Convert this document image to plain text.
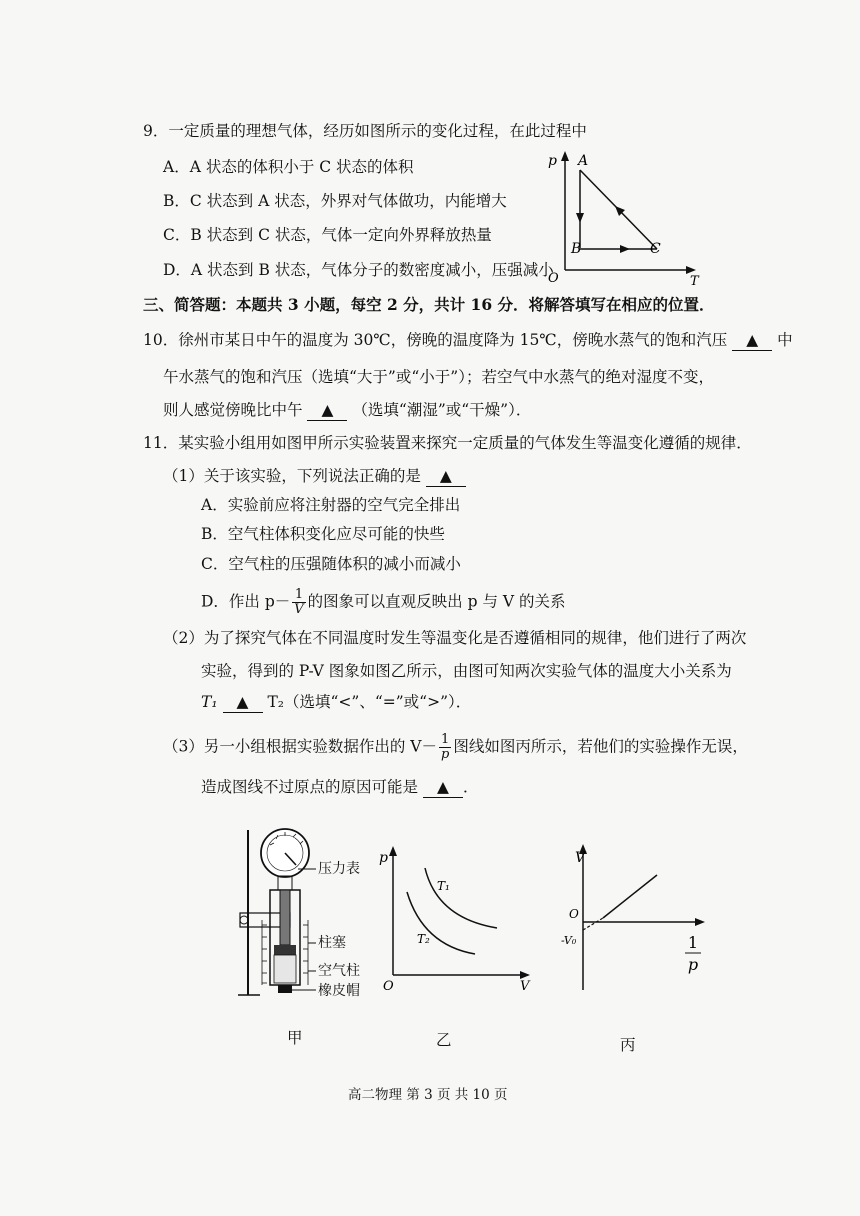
9．一定质量的理想气体，经历如图所示的变化过程，在此过程中
A．A 状态的体积小于 C 状态的体积
B．C 状态到 A 状态，外界对气体做功，内能增大
C．B 状态到 C 状态，气体一定向外界释放热量
D．A 状态到 B 状态，气体分子的数密度减小，压强减小
p
T
O
A
B	C
三、简答题：本题共 3 小题，每空 2 分，共计 16 分．将解答填写在相应的位置．
10．徐州市某日中午的温度为 30℃，傍晚的温度降为 15℃，傍晚水蒸气的饱和汽压 ▲ 中
午水蒸气的饱和汽压（选填“大于”或“小于”）；若空气中水蒸气的绝对湿度不变，
则人感觉傍晚比中午 ▲ （选填“潮湿”或“干燥”）．
11．某实验小组用如图甲所示实验装置来探究一定质量的气体发生等温变化遵循的规律．
（1）关于该实验，下列说法正确的是 ▲
A．实验前应将注射器的空气完全排出
B．空气柱体积变化应尽可能的快些
C．空气柱的压强随体积的减小而减小
D．作出 $p- \frac{1}{V}$ 的图象可以直观反映出 p 与 V 的关系
（2）为了探究气体在不同温度时发生等温变化是否遵循相同的规律，他们进行了两次
实验，得到的 P-V 图象如图乙所示，由图可知两次实验气体的温度大小关系为
T₁ ▲ T₂（选填“<”、“=”或“>”）．
（3）另一小组根据实验数据作出的 $V- \frac{1}{p}$ 图线如图丙所示，若他们的实验操作无误，
造成图线不过原点的原因可能是 ▲ ．
压力表
柱塞
空气柱
橡皮帽
甲
p
V
O
T₁
T₂
乙
V
O
-V₀	1
p
丙
高二物理 第 3 页 共 10 页
